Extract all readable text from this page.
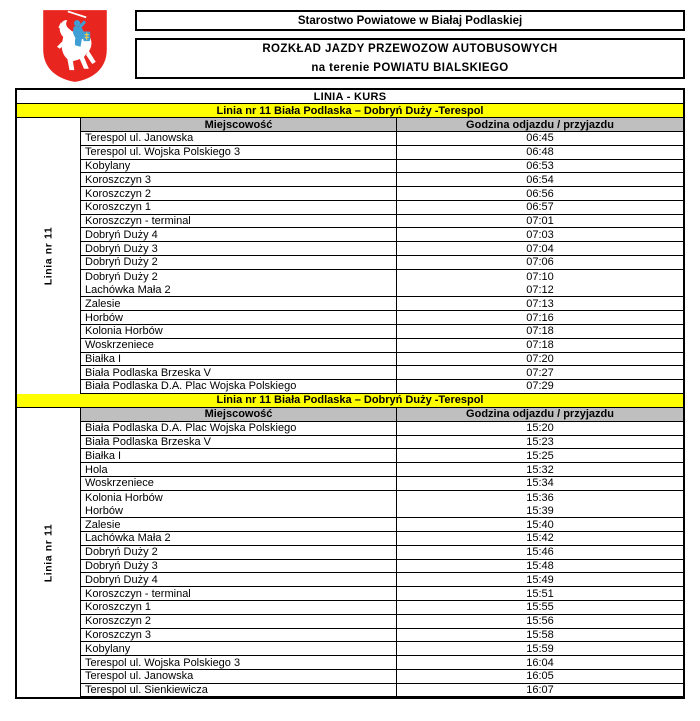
Starostwo Powiatowe w Białaj Podlaskiej
ROZKŁAD JAZDY PRZEWOZOW AUTOBUSOWYCH
na terenie POWIATU BIALSKIEGO
LINIA - KURS
Linia nr 11 Biała Podlaska – Dobryń Duży -Terespol
Linia nr 11
Miejscowość	Godzina odjazdu / przyjazdu
Terespol ul. Janowska	06:45
Terespol ul. Wojska Polskiego 3	06:48
Kobylany	06:53
Koroszczyn 3	06:54
Koroszczyn 2	06:56
Koroszczyn 1	06:57
Koroszczyn - terminal	07:01
Dobryń Duży 4	07:03
Dobryń Duży 3	07:04
Dobryń Duży 2	07:06
Dobryń Duży 2	07:10
Lachówka Mała 2	07:12
Zalesie	07:13
Horbów	07:16
Kolonia Horbów	07:18
Woskrzeniece	07:18
Białka I	07:20
Biała Podlaska Brzeska V	07:27
Biała Podlaska D.A. Plac Wojska Polskiego	07:29
Linia nr 11 Biała Podlaska – Dobryń Duży -Terespol
Linia nr 11
Miejscowość	Godzina odjazdu / przyjazdu
Biała Podlaska D.A. Plac Wojska Polskiego	15:20
Biała Podlaska Brzeska V	15:23
Białka I	15:25
Hola	15:32
Woskrzeniece	15:34
Kolonia Horbów	15:36
Horbów	15:39
Zalesie	15:40
Lachówka Mała 2	15:42
Dobryń Duży 2	15:46
Dobryń Duży 3	15:48
Dobryń Duży 4	15:49
Koroszczyn - terminal	15:51
Koroszczyn 1	15:55
Koroszczyn 2	15:56
Koroszczyn 3	15:58
Kobylany	15:59
Terespol ul. Wojska Polskiego 3	16:04
Terespol ul. Janowska	16:05
Terespol ul. Sienkiewicza	16:07
